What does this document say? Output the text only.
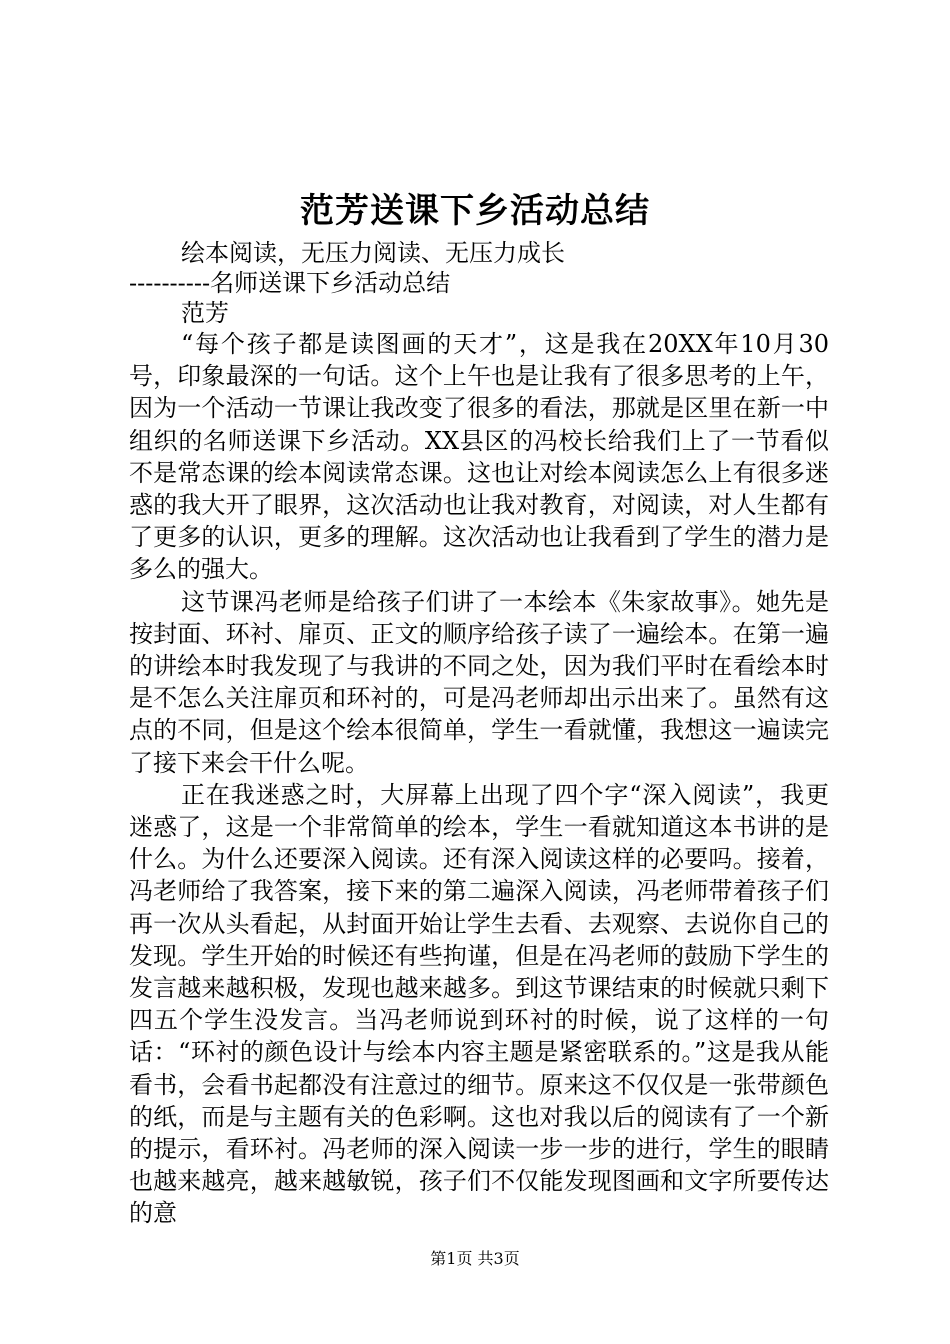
范芳送课下乡活动总结
绘本阅读，无压力阅读、无压力成长
----------名师送课下乡活动总结
范芳

“每个孩子都是读图画的天才”，这是我在20XX年10月30号，印象最深的一句话。这个上午也是让我有了很多思考的上午，因为一个活动一节课让我改变了很多的看法，那就是区里在新一中组织的名师送课下乡活动。XX县区的冯校长给我们上了一节看似不是常态课的绘本阅读常态课。这也让对绘本阅读怎么上有很多迷惑的我大开了眼界，这次活动也让我对教育，对阅读，对人生都有了更多的认识，更多的理解。这次活动也让我看到了学生的潜力是多么的强大。

这节课冯老师是给孩子们讲了一本绘本《朱家故事》。她先是按封面、环衬、扉页、正文的顺序给孩子读了一遍绘本。在第一遍的讲绘本时我发现了与我讲的不同之处，因为我们平时在看绘本时是不怎么关注扉页和环衬的，可是冯老师却出示出来了。虽然有这点的不同，但是这个绘本很简单，学生一看就懂，我想这一遍读完了接下来会干什么呢。

正在我迷惑之时，大屏幕上出现了四个字“深入阅读”，我更迷惑了，这是一个非常简单的绘本，学生一看就知道这本书讲的是什么。为什么还要深入阅读。还有深入阅读这样的必要吗。接着，冯老师给了我答案，接下来的第二遍深入阅读，冯老师带着孩子们再一次从头看起，从封面开始让学生去看、去观察、去说你自己的发现。学生开始的时候还有些拘谨，但是在冯老师的鼓励下学生的发言越来越积极，发现也越来越多。到这节课结束的时候就只剩下四五个学生没发言。当冯老师说到环衬的时候，说了这样的一句话：“环衬的颜色设计与绘本内容主题是紧密联系的。”这是我从能看书，会看书起都没有注意过的细节。原来这不仅仅是一张带颜色的纸，而是与主题有关的色彩啊。这也对我以后的阅读有了一个新的提示，看环衬。冯老师的深入阅读一步一步的进行，学生的眼睛也越来越亮，越来越敏锐，孩子们不仅能发现图画和文字所要传达的意

第1页 共3页
